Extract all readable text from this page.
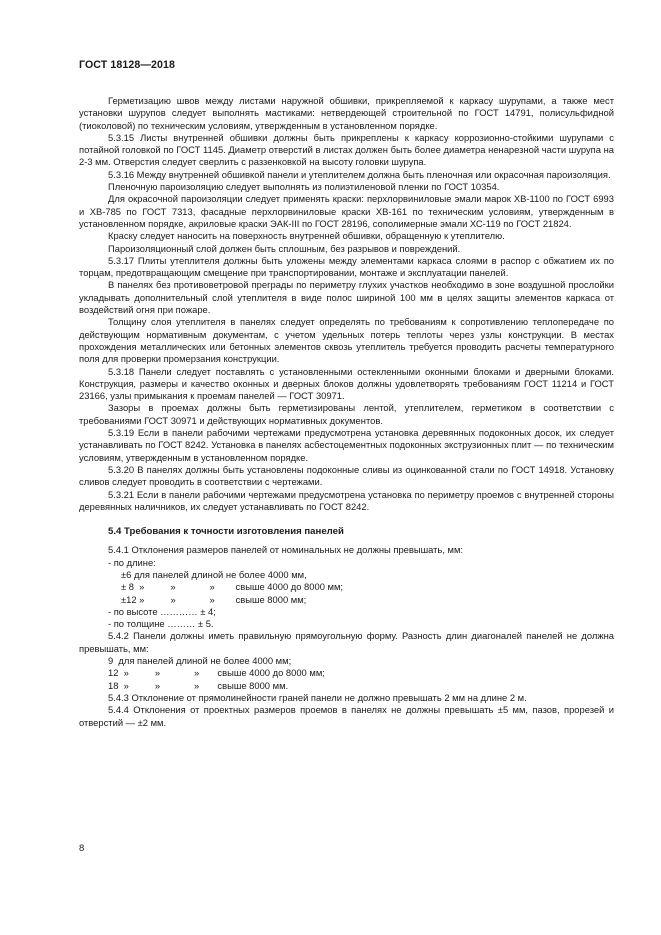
ГОСТ 18128—2018

Герметизацию швов между листами наружной обшивки, прикрепляемой к каркасу шурупами, а также мест установки шурупов следует выполнять мастиками: нетвердеющей строительной по ГОСТ 14791, полисульфидной (тиоколовой) по техническим условиям, утвержденным в установленном порядке.

5.3.15 Листы внутренней обшивки должны быть прикреплены к каркасу коррозионно-стойкими шурупами с потайной головкой по ГОСТ 1145. Диаметр отверстий в листах должен быть более диаметра ненарезной части шурупа на 2-3 мм. Отверстия следует сверлить с раззенковкой на высоту головки шурупа.

5.3.16 Между внутренней обшивкой панели и утеплителем должна быть пленочная или окрасочная пароизоляция.

Пленочную пароизоляцию следует выполнять из полиэтиленовой пленки по ГОСТ 10354.

Для окрасочной пароизоляции следует применять краски: перхлорвиниловые эмали марок ХВ-1100 по ГОСТ 6993 и ХВ-785 по ГОСТ 7313, фасадные перхлорвиниловые краски ХВ-161 по техническим условиям, утвержденным в установленном порядке, акриловые краски ЭАК-III по ГОСТ 28196, сополимерные эмали ХС-119 по ГОСТ 21824.

Краску следует наносить на поверхность внутренней обшивки, обращенную к утеплителю.

Пароизоляционный слой должен быть сплошным, без разрывов и повреждений.

5.3.17 Плиты утеплителя должны быть уложены между элементами каркаса слоями в распор с обжатием их по торцам, предотвращающим смещение при транспортировании, монтаже и эксплуатации панелей.

В панелях без противоветровой преграды по периметру глухих участков необходимо в зоне воздушной прослойки укладывать дополнительный слой утеплителя в виде полос шириной 100 мм в целях защиты элементов каркаса от воздействий огня при пожаре.

Толщину слоя утеплителя в панелях следует определять по требованиям к сопротивлению теплопередаче по действующим нормативным документам, с учетом удельных потерь теплоты через узлы конструкции. В местах прохождения металлических или бетонных элементов сквозь утеплитель требуется проводить расчеты температурного поля для проверки промерзания конструкции.

5.3.18 Панели следует поставлять с установленными остекленными оконными блоками и дверными блоками. Конструкция, размеры и качество оконных и дверных блоков должны удовлетворять требованиям ГОСТ 11214 и ГОСТ 23166, узлы примыкания к проемам панелей — ГОСТ 30971.

Зазоры в проемах должны быть герметизированы лентой, утеплителем, герметиком в соответствии с требованиями ГОСТ 30971 и действующих нормативных документов.

5.3.19 Если в панели рабочими чертежами предусмотрена установка деревянных подоконных досок, их следует устанавливать по ГОСТ 8242. Установка в панелях асбестоцементных подоконных экструзионных плит — по техническим условиям, утвержденным в установленном порядке.

5.3.20 В панелях должны быть установлены подоконные сливы из оцинкованной стали по ГОСТ 14918. Установку сливов следует проводить в соответствии с чертежами.

5.3.21 Если в панели рабочими чертежами предусмотрена установка по периметру проемов с внутренней стороны деревянных наличников, их следует устанавливать по ГОСТ 8242.

5.4 Требования к точности изготовления панелей

5.4.1 Отклонения размеров панелей от номинальных не должны превышать, мм:

- по длине:
±6 для панелей длиной не более 4000 мм,
± 8  »          »             »        свыше 4000 до 8000 мм;
±12 »          »             »        свыше 8000 мм;
- по высоте ………… ± 4;
- по толщине ……… ± 5.

5.4.2 Панели должны иметь правильную прямоугольную форму. Разность длин диагоналей панелей не должна превышать, мм:

9  для панелей длиной не более 4000 мм;
12  »          »             »       свыше 4000 до 8000 мм;
18  »          »             »       свыше 8000 мм.

5.4.3 Отклонение от прямолинейности граней панели не должно превышать 2 мм на длине 2 м.

5.4.4 Отклонения от проектных размеров проемов в панелях не должны превышать ±5 мм, пазов, прорезей и отверстий — ±2 мм.

8
